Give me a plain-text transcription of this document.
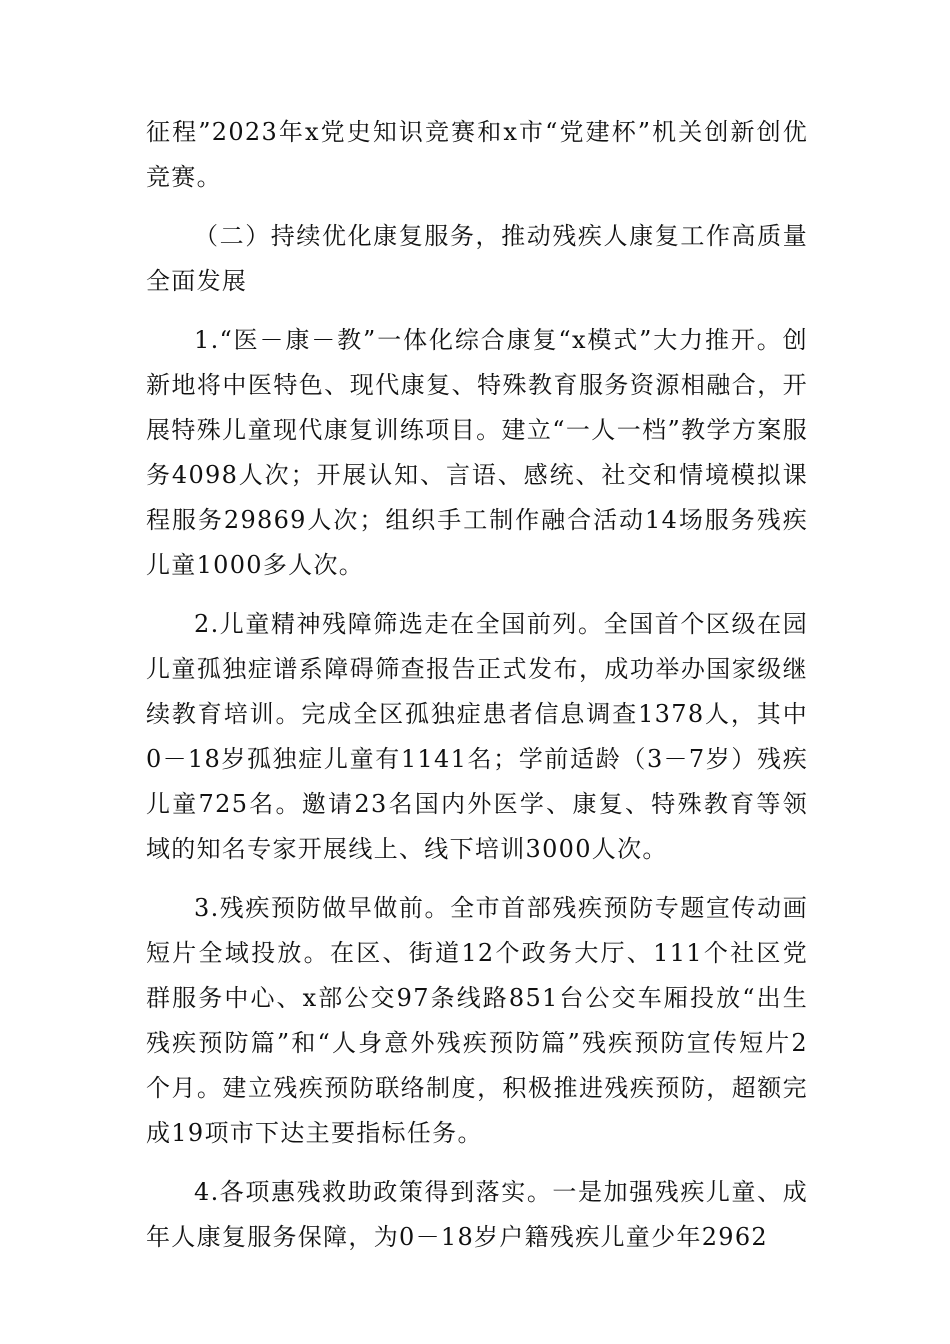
征程”2023年x党史知识竞赛和x市“党建杯”机关创新创优竞赛。

（二）持续优化康复服务，推动残疾人康复工作高质量全面发展

1.“医－康－教”一体化综合康复“x模式”大力推开。创新地将中医特色、现代康复、特殊教育服务资源相融合，开展特殊儿童现代康复训练项目。建立“一人一档”教学方案服务4098人次；开展认知、言语、感统、社交和情境模拟课程服务29869人次；组织手工制作融合活动14场服务残疾儿童1000多人次。

2.儿童精神残障筛选走在全国前列。全国首个区级在园儿童孤独症谱系障碍筛查报告正式发布，成功举办国家级继续教育培训。完成全区孤独症患者信息调查1378人，其中0－18岁孤独症儿童有1141名；学前适龄（3－7岁）残疾儿童725名。邀请23名国内外医学、康复、特殊教育等领域的知名专家开展线上、线下培训3000人次。

3.残疾预防做早做前。全市首部残疾预防专题宣传动画短片全域投放。在区、街道12个政务大厅、111个社区党群服务中心、x部公交97条线路851台公交车厢投放“出生残疾预防篇”和“人身意外残疾预防篇”残疾预防宣传短片2个月。建立残疾预防联络制度，积极推进残疾预防，超额完成19项市下达主要指标任务。

4.各项惠残救助政策得到落实。一是加强残疾儿童、成年人康复服务保障，为0－18岁户籍残疾儿童少年2962
